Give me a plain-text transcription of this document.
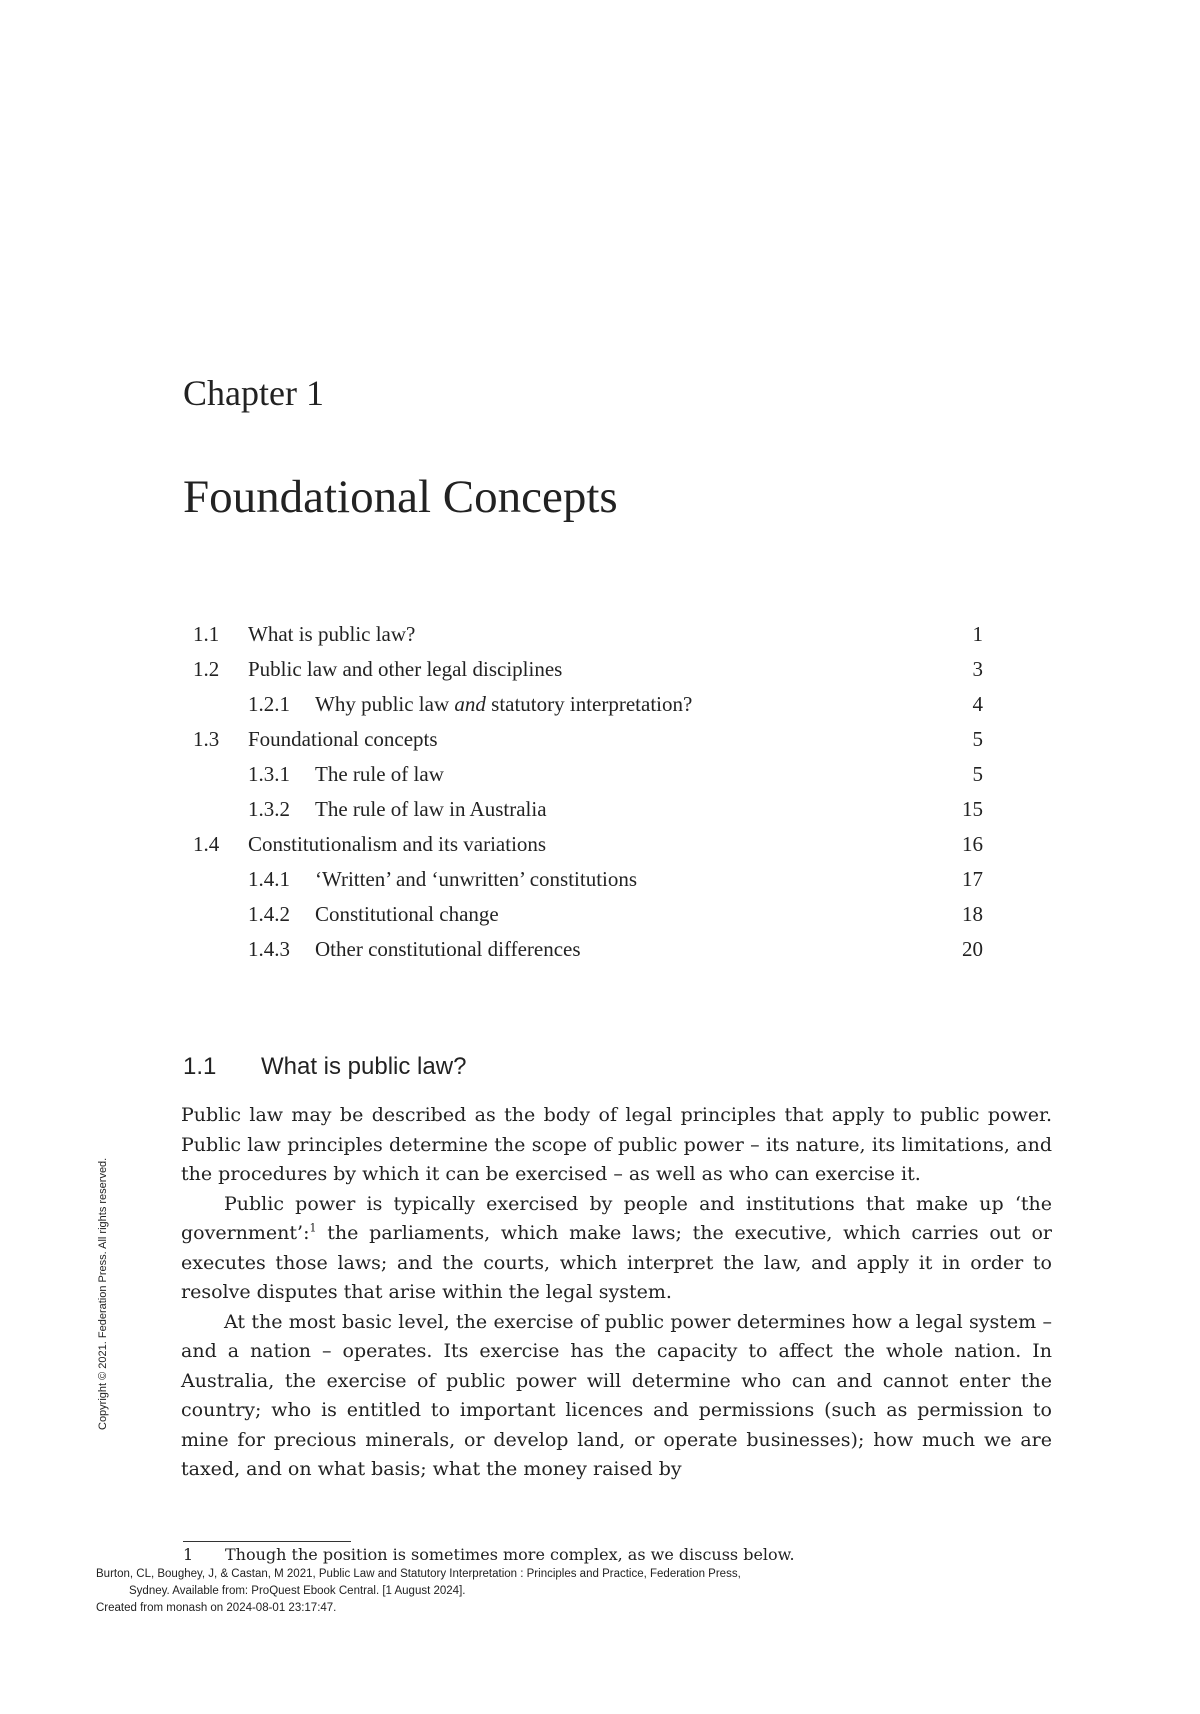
Chapter 1
Foundational Concepts
1.1 What is public law?	1
1.2 Public law and other legal disciplines	3
1.2.1 Why public law and statutory interpretation?	4
1.3 Foundational concepts	5
1.3.1 The rule of law	5
1.3.2 The rule of law in Australia	15
1.4 Constitutionalism and its variations	16
1.4.1 ‘Written’ and ‘unwritten’ constitutions	17
1.4.2 Constitutional change	18
1.4.3 Other constitutional differences	20
1.1 What is public law?

Public law may be described as the body of legal principles that apply to public power. Public law principles determine the scope of public power – its nature, its limitations, and the procedures by which it can be exercised – as well as who can exercise it.

Public power is typically exercised by people and institutions that make up ‘the government’:$^1$ the parliaments, which make laws; the executive, which carries out or executes those laws; and the courts, which interpret the law, and apply it in order to resolve disputes that arise within the legal system.

At the most basic level, the exercise of public power determines how a legal system – and a nation – operates. Its exercise has the capacity to affect the whole nation. In Australia, the exercise of public power will determine who can and cannot enter the country; who is entitled to important licences and permissions (such as permission to mine for precious minerals, or develop land, or operate businesses); how much we are taxed, and on what basis; what the money raised by

1 Though the position is sometimes more complex, as we discuss below.
Burton, CL, Boughey, J, & Castan, M 2021, Public Law and Statutory Interpretation : Principles and Practice, Federation Press,
Sydney. Available from: ProQuest Ebook Central. [1 August 2024].
Created from monash on 2024-08-01 23:17:47.
Copyright © 2021. Federation Press. All rights reserved.
